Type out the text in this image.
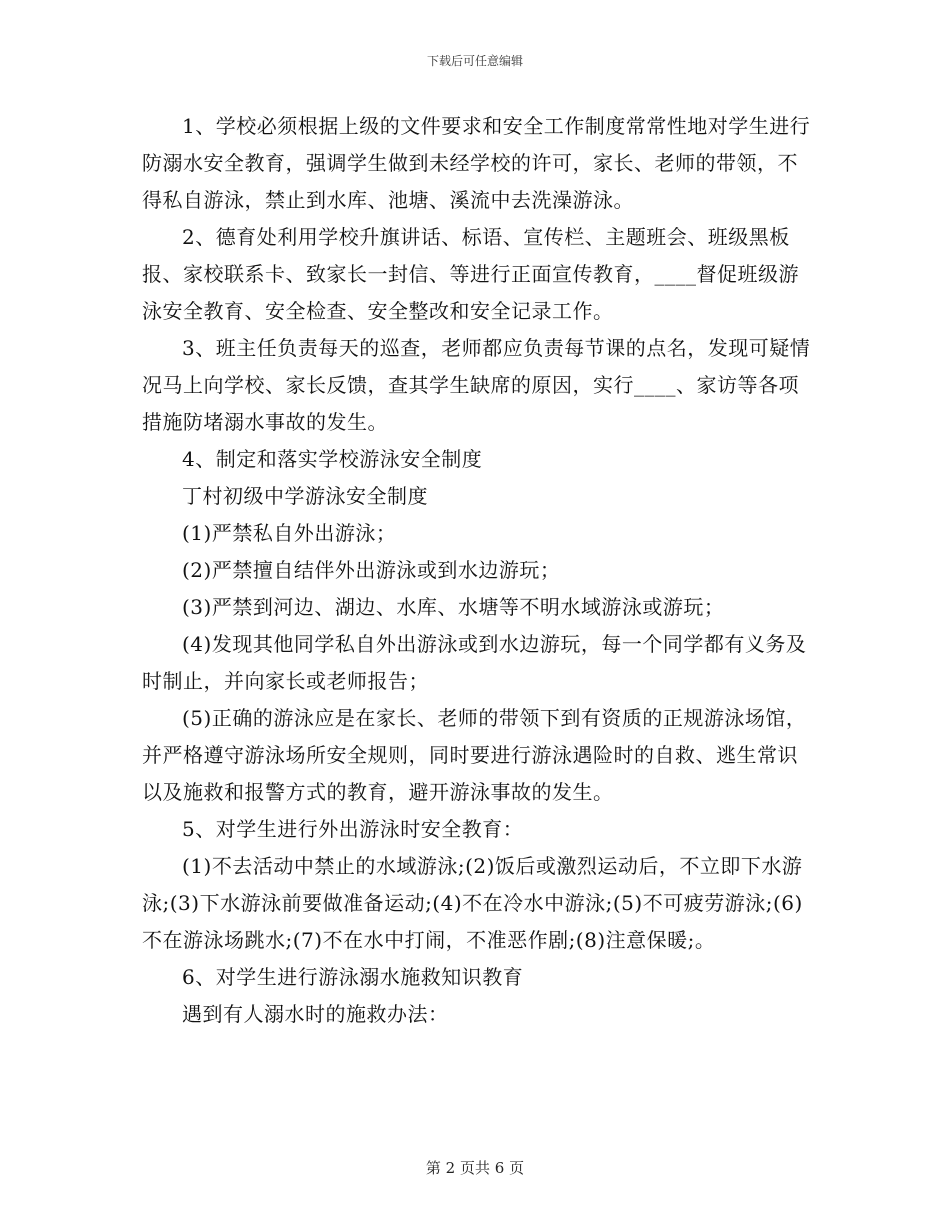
下载后可任意编辑

1、学校必须根据上级的文件要求和安全工作制度常常性地对学生进行防溺水安全教育，强调学生做到未经学校的许可，家长、老师的带领，不得私自游泳，禁止到水库、池塘、溪流中去洗澡游泳。

2、德育处利用学校升旗讲话、标语、宣传栏、主题班会、班级黑板报、家校联系卡、致家长一封信、等进行正面宣传教育，____督促班级游泳安全教育、安全检查、安全整改和安全记录工作。

3、班主任负责每天的巡查，老师都应负责每节课的点名，发现可疑情况马上向学校、家长反馈，查其学生缺席的原因，实行____、家访等各项措施防堵溺水事故的发生。

4、制定和落实学校游泳安全制度

丁村初级中学游泳安全制度

(1)严禁私自外出游泳；

(2)严禁擅自结伴外出游泳或到水边游玩；

(3)严禁到河边、湖边、水库、水塘等不明水域游泳或游玩；

(4)发现其他同学私自外出游泳或到水边游玩，每一个同学都有义务及时制止，并向家长或老师报告；

(5)正确的游泳应是在家长、老师的带领下到有资质的正规游泳场馆，并严格遵守游泳场所安全规则，同时要进行游泳遇险时的自救、逃生常识以及施救和报警方式的教育，避开游泳事故的发生。

5、对学生进行外出游泳时安全教育：

(1)不去活动中禁止的水域游泳;(2)饭后或激烈运动后，不立即下水游泳;(3)下水游泳前要做准备运动;(4)不在冷水中游泳;(5)不可疲劳游泳;(6)不在游泳场跳水;(7)不在水中打闹，不准恶作剧;(8)注意保暖;。

6、对学生进行游泳溺水施救知识教育

遇到有人溺水时的施救办法：

第 2 页共 6 页
